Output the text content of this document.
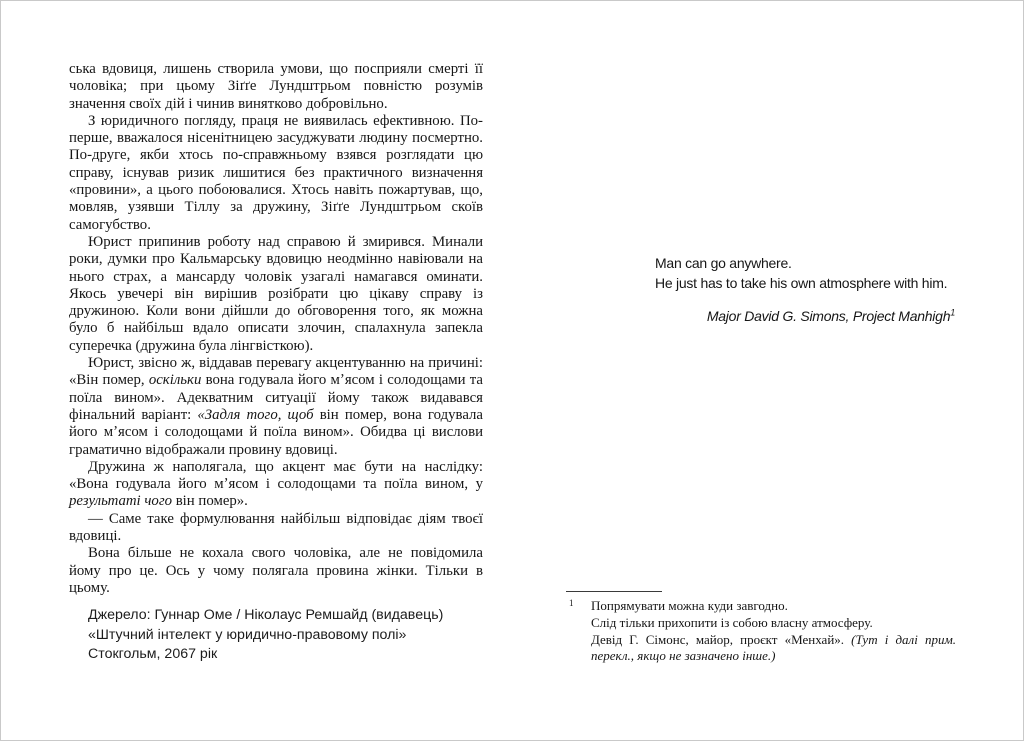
ська вдовиця, лишень створила умови, що посприяли смерті її чоловіка; при цьому Зіґґе Лундштрьом повністю розумів значення своїх дій і чинив винятково добровільно.

З юридичного погляду, праця не виявилась ефективною. По-перше, вважалося нісенітницею засуджувати людину посмертно. По-друге, якби хтось по-справжньому взявся розглядати цю справу, існував ризик лишитися без практичного визначення «провини», а цього побоювалися. Хтось навіть пожартував, що, мовляв, узявши Тіллу за дружину, Зіґґе Лундштрьом скоїв самогубство.

Юрист припинив роботу над справою й змирився. Минали роки, думки про Кальмарську вдовицю неодмінно навіювали на нього страх, а мансарду чоловік узагалі намагався оминати. Якось увечері він вирішив розібрати цю цікаву справу із дружиною. Коли вони дійшли до обговорення того, як можна було б найбільш вдало описати злочин, спалахнула запекла суперечка (дружина була лінгвісткою).

Юрист, звісно ж, віддавав перевагу акцентуванню на причині: «Він помер, оскільки вона годувала його мʼясом і солодощами та поїла вином». Адекватним ситуації йому також видавався фінальний варіант: «Задля того, щоб він помер, вона годувала його мʼясом і солодощами й поїла вином». Обидва ці вислови граматично відображали провину вдовиці.

Дружина ж наполягала, що акцент має бути на наслідку: «Вона годувала його мʼясом і солодощами та поїла вином, у результаті чого він помер».

— Саме таке формулювання найбільш відповідає діям твоєї вдовиці.

Вона більше не кохала свого чоловіка, але не повідомила йому про це. Ось у чому полягала провина жінки. Тільки в цьому.

Джерело: Гуннар Оме / Ніколаус Ремшайд (видавець)
«Штучний інтелект у юридично-правовому полі»
Стокгольм, 2067 рік
Man can go anywhere.
He just has to take his own atmosphere with him.
Major David G. Simons, Project Manhigh$^1$
1 Попрямувати можна куди завгодно.
Слід тільки прихопити із собою власну атмосферу.
Девід Г. Сімонс, майор, проєкт «Менхай». (Тут і далі прим. перекл., якщо не зазначено інше.)
